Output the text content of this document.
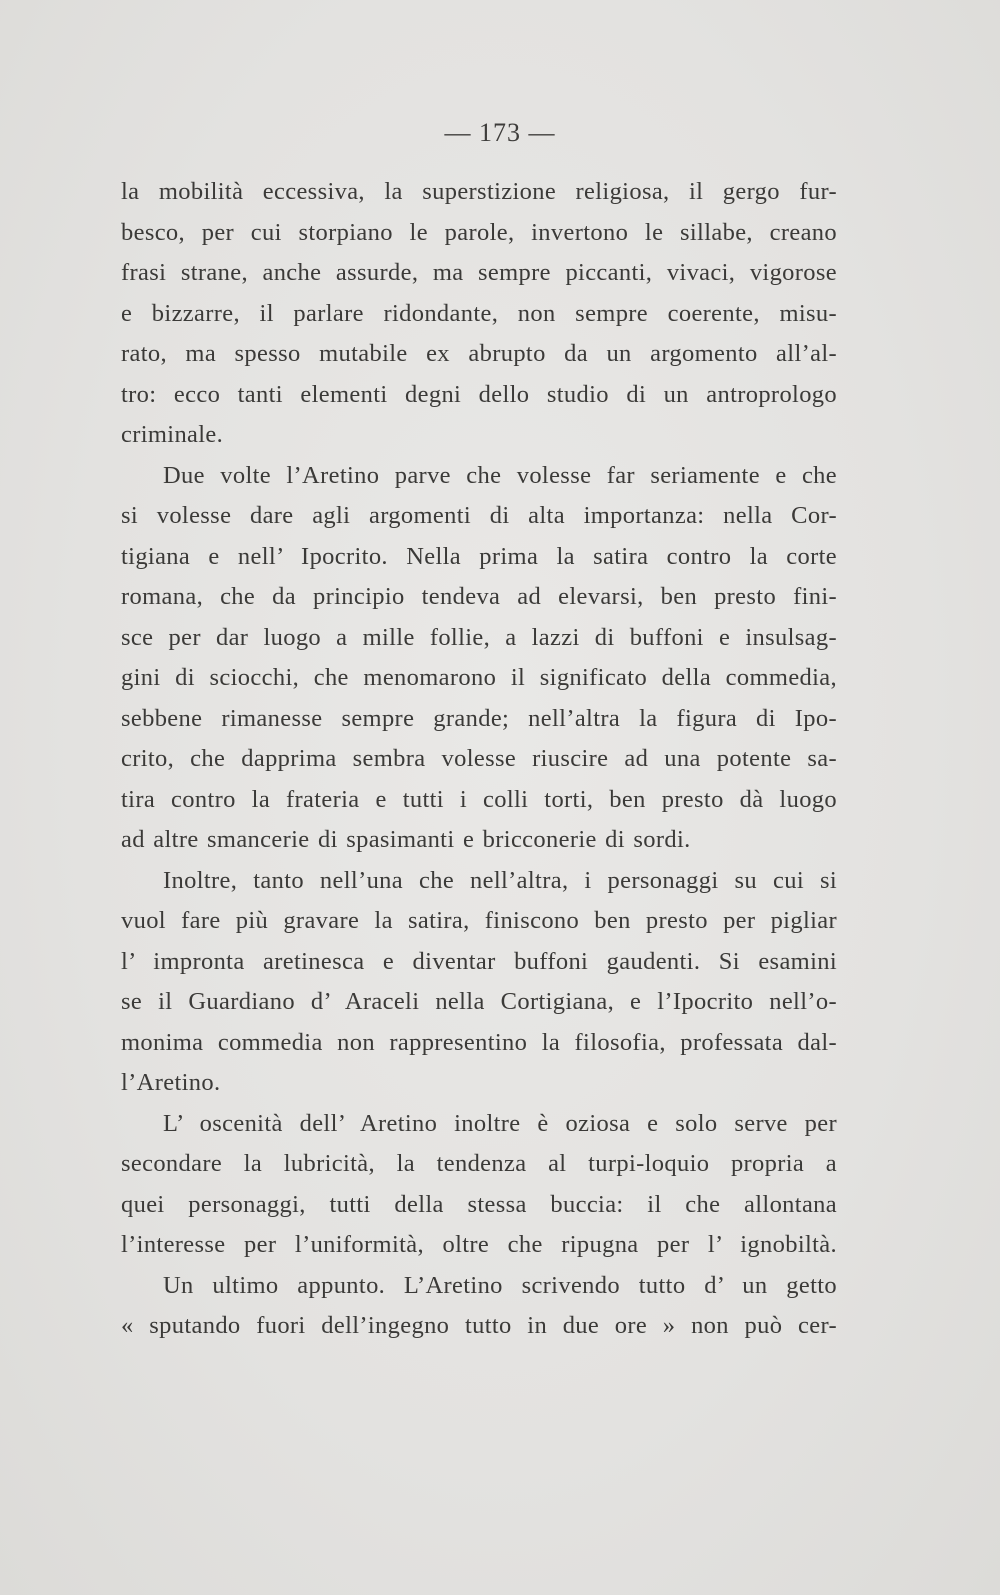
— 173 —
la mobilità eccessiva, la superstizione religiosa, il gergo fur-
besco, per cui storpiano le parole, invertono le sillabe, creano
frasi strane, anche assurde, ma sempre piccanti, vivaci, vigorose
e bizzarre, il parlare ridondante, non sempre coerente, misu-
rato, ma spesso mutabile ex abrupto da un argomento all’al-
tro: ecco tanti elementi degni dello studio di un antroprologo
criminale.
Due volte l’Aretino parve che volesse far seriamente e che
si volesse dare agli argomenti di alta importanza: nella Cor-
tigiana e nell’ Ipocrito. Nella prima la satira contro la corte
romana, che da principio tendeva ad elevarsi, ben presto fini-
sce per dar luogo a mille follie, a lazzi di buffoni e insulsag-
gini di sciocchi, che menomarono il significato della commedia,
sebbene rimanesse sempre grande; nell’altra la figura di Ipo-
crito, che dapprima sembra volesse riuscire ad una potente sa-
tira contro la frateria e tutti i colli torti, ben presto dà luogo
ad altre smancerie di spasimanti e bricconerie di sordi.
Inoltre, tanto nell’una che nell’altra, i personaggi su cui si
vuol fare più gravare la satira, finiscono ben presto per pigliar
l’ impronta aretinesca e diventar buffoni gaudenti. Si esamini
se il Guardiano d’ Araceli nella Cortigiana, e l’Ipocrito nell’o-
monima commedia non rappresentino la filosofia, professata dal-
l’Aretino.
L’ oscenità dell’ Aretino inoltre è oziosa e solo serve per
secondare la lubricità, la tendenza al turpi-loquio propria a
quei personaggi, tutti della stessa buccia: il che allontana
l’interesse per l’uniformità, oltre che ripugna per l’ ignobiltà.
Un ultimo appunto. L’Aretino scrivendo tutto d’ un getto
« sputando fuori dell’ingegno tutto in due ore » non può cer-
